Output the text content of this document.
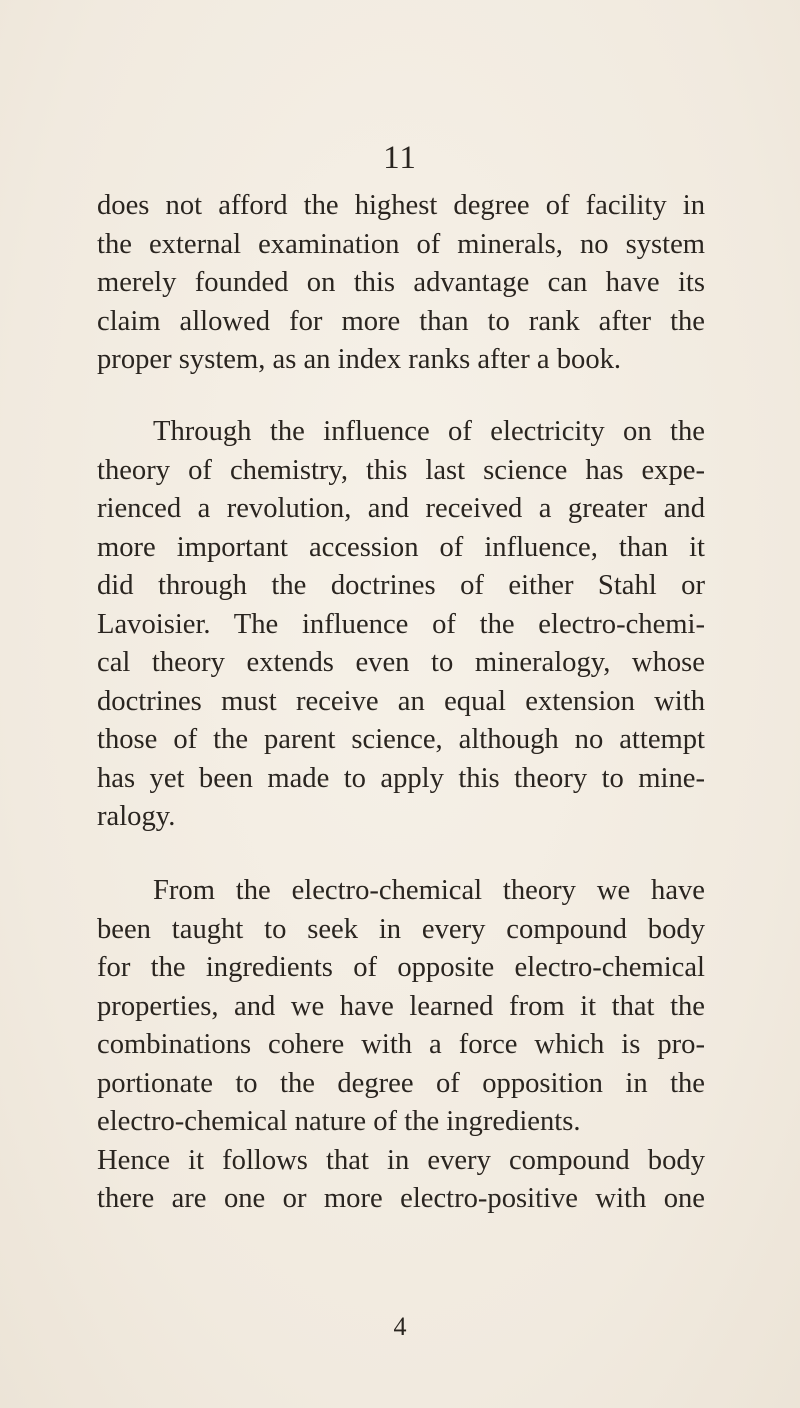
11
does not afford the highest degree of facility in
the external examination of minerals, no system
merely founded on this advantage can have its
claim allowed for more than to rank after the
proper system, as an index ranks after a book.
Through the influence of electricity on the
theory of chemistry, this last science has expe-
rienced a revolution, and received a greater and
more important accession of influence, than it
did through the doctrines of either Stahl or
Lavoisier. The influence of the electro-chemi-
cal theory extends even to mineralogy, whose
doctrines must receive an equal extension with
those of the parent science, although no attempt
has yet been made to apply this theory to mine-
ralogy.
From the electro-chemical theory we have
been taught to seek in every compound body
for the ingredients of opposite electro-chemical
properties, and we have learned from it that the
combinations cohere with a force which is pro-
portionate to the degree of opposition in the
electro-chemical nature of the ingredients.
Hence it follows that in every compound body
there are one or more electro-positive with one
4
